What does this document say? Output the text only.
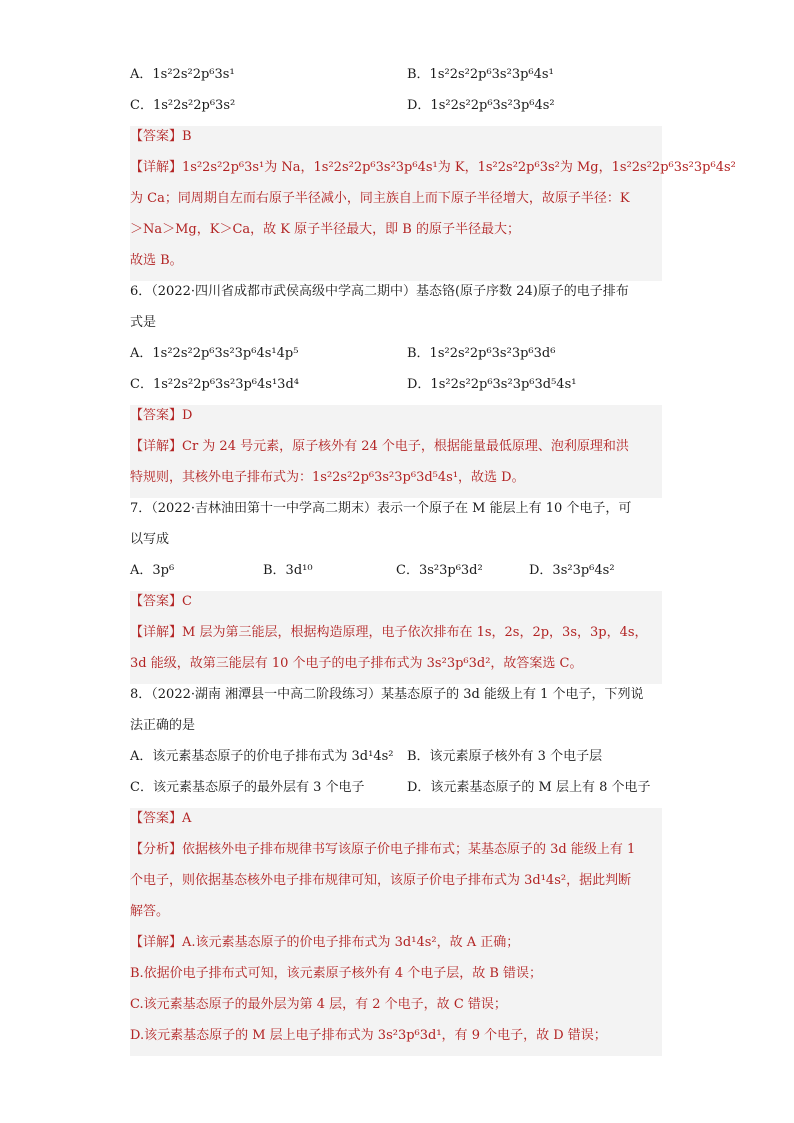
A．1s²2s²2p⁶3s¹	B．1s²2s²2p⁶3s²3p⁶4s¹
C．1s²2s²2p⁶3s²	D．1s²2s²2p⁶3s²3p⁶4s²
【答案】B
【详解】1s²2s²2p⁶3s¹为 Na，1s²2s²2p⁶3s²3p⁶4s¹为 K，1s²2s²2p⁶3s²为 Mg，1s²2s²2p⁶3s²3p⁶4s²
为 Ca；同周期自左而右原子半径减小，同主族自上而下原子半径增大，故原子半径：K
＞Na＞Mg，K＞Ca，故 K 原子半径最大，即 B 的原子半径最大；
故选 B。
6．（2022·四川省成都市武侯高级中学高二期中）基态铬(原子序数 24)原子的电子排布
式是
A．1s²2s²2p⁶3s²3p⁶4s¹4p⁵	B．1s²2s²2p⁶3s²3p⁶3d⁶
C．1s²2s²2p⁶3s²3p⁶4s¹3d⁴	D．1s²2s²2p⁶3s²3p⁶3d⁵4s¹
【答案】D
【详解】Cr 为 24 号元素，原子核外有 24 个电子，根据能量最低原理、泡利原理和洪
特规则，其核外电子排布式为：1s²2s²2p⁶3s²3p⁶3d⁵4s¹，故选 D。
7．（2022·吉林油田第十一中学高二期末）表示一个原子在 M 能层上有 10 个电子，可
以写成
A．3p⁶	B．3d¹⁰	C．3s²3p⁶3d²	D．3s²3p⁶4s²
【答案】C
【详解】M 层为第三能层，根据构造原理，电子依次排布在 1s，2s，2p，3s，3p，4s，
3d 能级，故第三能层有 10 个电子的电子排布式为 3s²3p⁶3d²，故答案选 C。
8．（2022·湖南 湘潭县一中高二阶段练习）某基态原子的 3d 能级上有 1 个电子，下列说
法正确的是
A．该元素基态原子的价电子排布式为 3d¹4s²	B．该元素原子核外有 3 个电子层
C．该元素基态原子的最外层有 3 个电子	D．该元素基态原子的 M 层上有 8 个电子
【答案】A
【分析】依据核外电子排布规律书写该原子价电子排布式；某基态原子的 3d 能级上有 1
个电子，则依据基态核外电子排布规律可知，该原子价电子排布式为 3d¹4s²，据此判断
解答。
【详解】A.该元素基态原子的价电子排布式为 3d¹4s²，故 A 正确；
B.依据价电子排布式可知，该元素原子核外有 4 个电子层，故 B 错误；
C.该元素基态原子的最外层为第 4 层，有 2 个电子，故 C 错误；
D.该元素基态原子的 M 层上电子排布式为 3s²3p⁶3d¹，有 9 个电子，故 D 错误；
